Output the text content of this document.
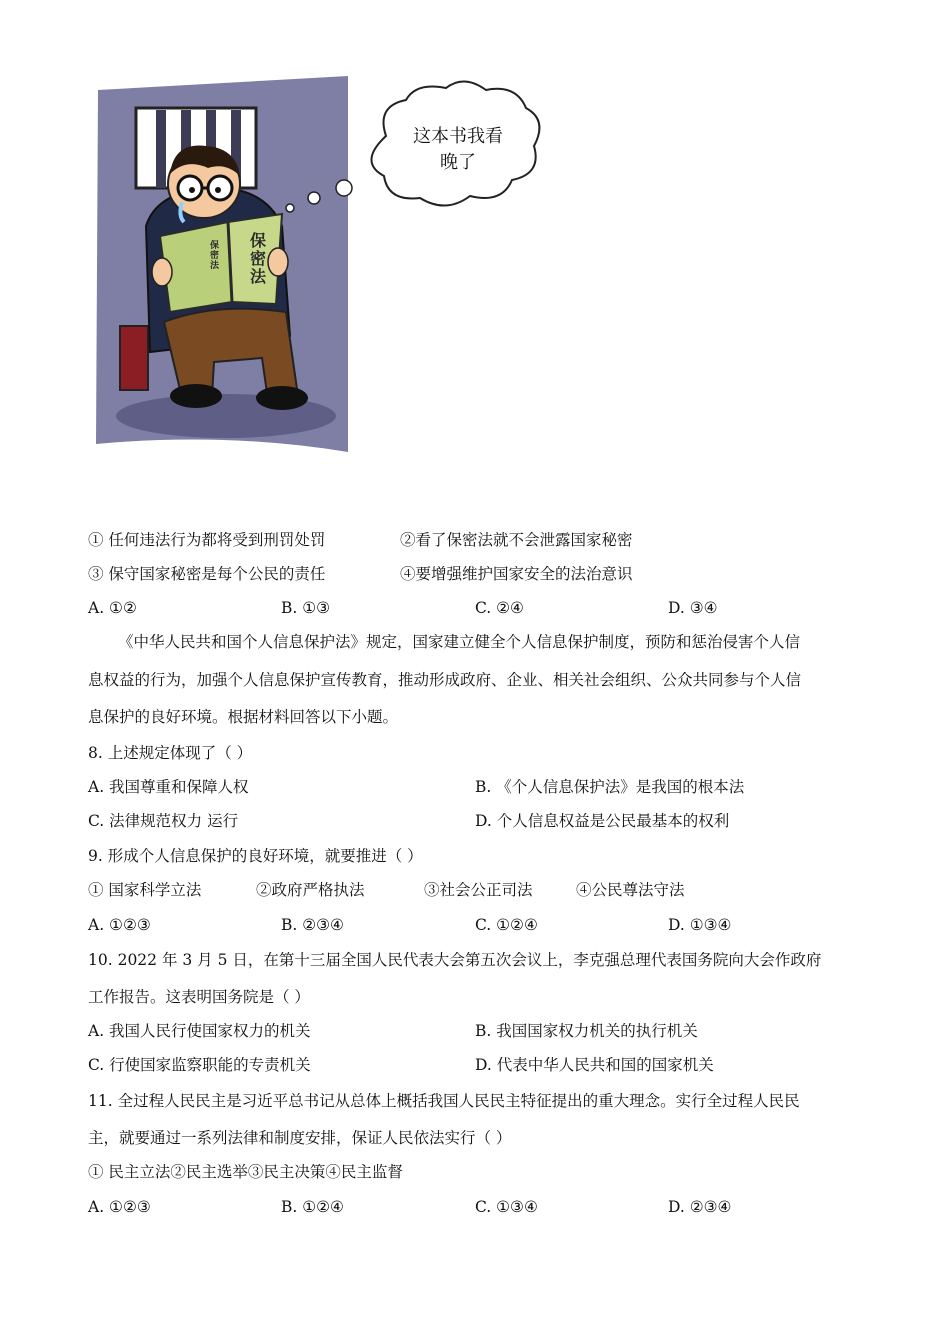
保密法
保密法
这本书我看
晚了
① 任何违法行为都将受到刑罚处罚	②看了保密法就不会泄露国家秘密
③ 保守国家秘密是每个公民的责任	④要增强维护国家安全的法治意识
A. ①②	B. ①③	C. ②④	D. ③④
《中华人民共和国个人信息保护法》规定，国家建立健全个人信息保护制度，预防和惩治侵害个人信
息权益的行为，加强个人信息保护宣传教育，推动形成政府、企业、相关社会组织、公众共同参与个人信
息保护的良好环境。根据材料回答以下小题。
8. 上述规定体现了（ ）
A. 我国尊重和保障人权	B. 《个人信息保护法》是我国的根本法
C. 法律规范权力 运行	D. 个人信息权益是公民最基本的权利
9. 形成个人信息保护的良好环境，就要推进（ ）
① 国家科学立法	②政府严格执法	③社会公正司法	④公民尊法守法
A. ①②③	B. ②③④	C. ①②④	D. ①③④
10. 2022 年 3 月 5 日，在第十三届全国人民代表大会第五次会议上，李克强总理代表国务院向大会作政府
工作报告。这表明国务院是（ ）
A. 我国人民行使国家权力的机关	B. 我国国家权力机关的执行机关
C. 行使国家监察职能的专责机关	D. 代表中华人民共和国的国家机关
11. 全过程人民民主是习近平总书记从总体上概括我国人民民主特征提出的重大理念。实行全过程人民民
主，就要通过一系列法律和制度安排，保证人民依法实行（ ）
① 民主立法②民主选举③民主决策④民主监督
A. ①②③	B. ①②④	C. ①③④	D. ②③④
